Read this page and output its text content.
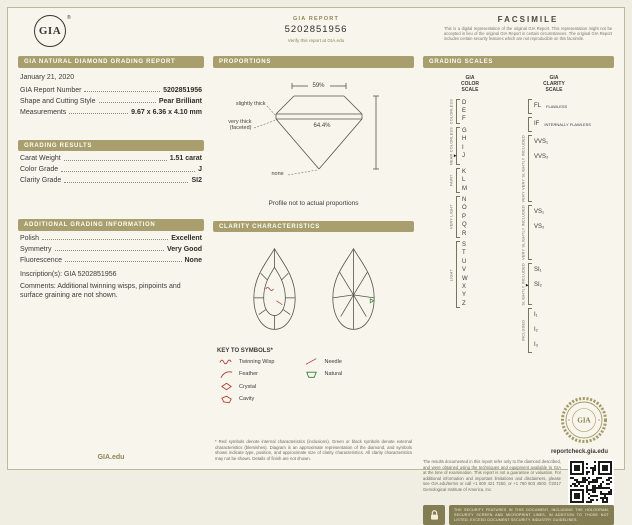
GIA
®	GIA REPORT
5202851956
Verify this report at GIA.edu
FACSIMILE
This is a digital representation of the original GIA Report. This representation might not be accepted in lieu of the original GIA Report in certain circumstances. The original GIA Report includes certain security features which are not reproducible on this facsimile.
GIA NATURAL DIAMOND GRADING REPORT
January 21, 2020
GIA Report Number	5202851956
Shape and Cutting Style	Pear Brilliant
Measurements	9.67 x 6.36 x 4.10 mm
GRADING RESULTS
Carat Weight	1.51 carat
Color Grade	J
Clarity Grade	SI2
ADDITIONAL GRADING INFORMATION
Polish	Excellent
Symmetry	Very Good
Fluorescence	None
Inscription(s): GIA 5202851956
Comments: Additional twinning wisps, pinpoints and surface graining are not shown.
GIA.edu
PROPORTIONS
59%
64.4%
slightly thick
very thick (faceted)
none
Profile not to actual proportions
CLARITY CHARACTERISTICS
KEY TO SYMBOLS*
Twinning Wisp
Feather
Crystal
Cavity
Needle
Natural
* Red symbols denote internal characteristics (inclusions). Green or black symbols denote external characteristics (blemishes). Diagram is an approximate representation of the diamond, and symbols shown indicate type, position, and approximate size of clarity characteristics. All clarity characteristics may not be shown. Details of finish are not shown.
GRADING SCALES
GIA
COLOR
SCALE
COLORLESS	D
E
F
NEAR COLORLESS	G
H
I
J
►
FAINT
K
L
M
VERY LIGHT
N
O
P
Q
R
LIGHT
S
T
U
V
W
X
Y
Z
GIA
CLARITY
SCALE
FL FLAWLESS
IF INTERNALLY FLAWLESS
VERY VERY SLIGHTLY INCLUDED	VVS₁
VVS₂
VERY SLIGHTLY INCLUDED	VS₁
VS₂
SLIGHTLY INCLUDED	SI₁
SI₂
►
INCLUDED
I₁
I₂
I₃
GIA
reportcheck.gia.edu
The results documented in this report refer only to the diamond described, and were obtained using the techniques and equipment available to GIA at the time of examination. This report is not a guarantee or valuation. For additional information and important limitations and disclaimers, please see GIA.edu/terms or call +1 800 421 7250, or +1 760 603 4500. ©2017 Gemological Institute of America, Inc.
THE SECURITY FEATURES IN THIS DOCUMENT, INCLUDING THE HOLOGRAM, SECURITY SCREEN AND MICROPRINT LINES, IN ADDITION TO THOSE NOT LISTED, EXCEED DOCUMENT SECURITY INDUSTRY GUIDELINES.
